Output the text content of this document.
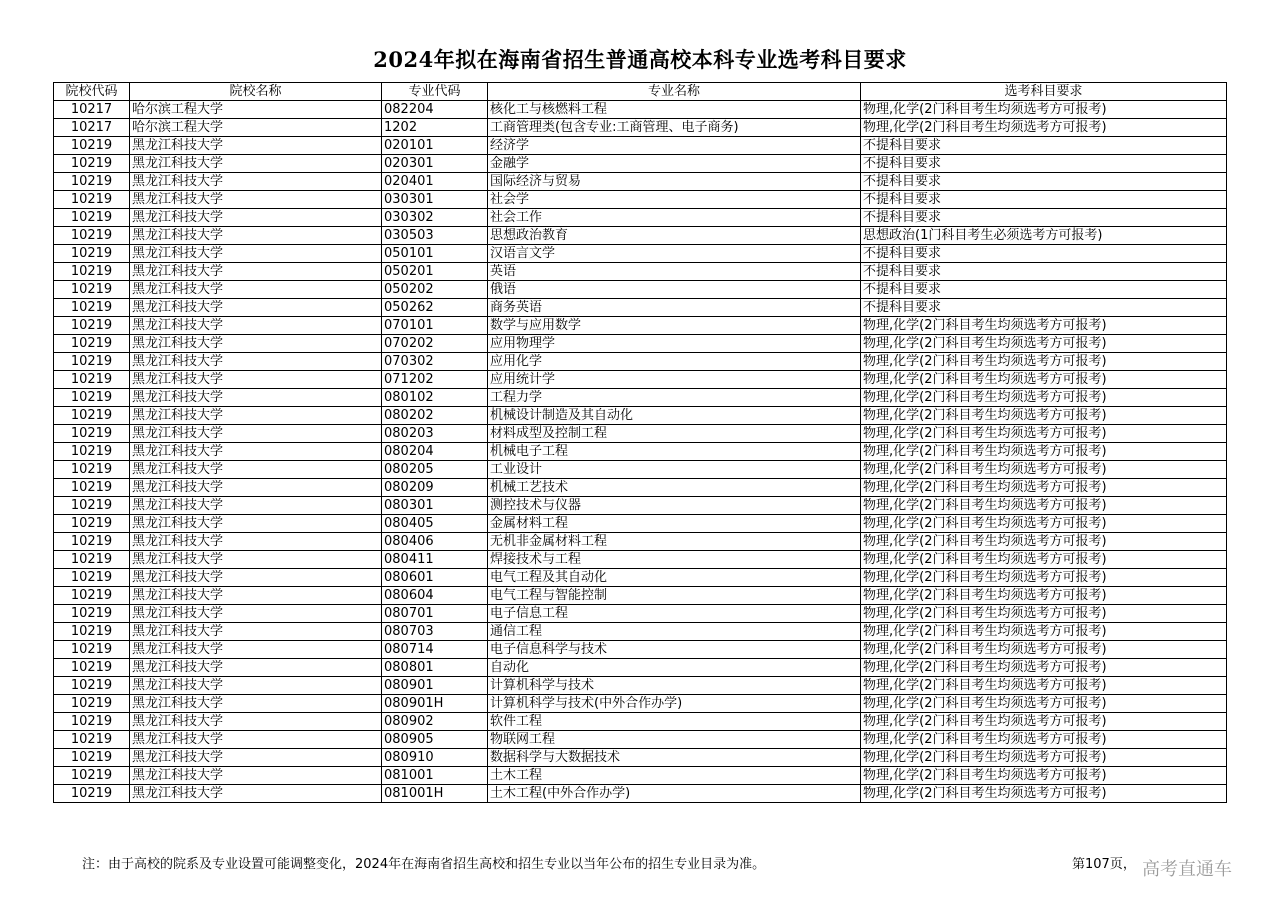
2024年拟在海南省招生普通高校本科专业选考科目要求
院校代码	院校名称	专业代码	专业名称	选考科目要求
10217	哈尔滨工程大学	082204	核化工与核燃料工程	物理,化学(2门科目考生均须选考方可报考)
10217	哈尔滨工程大学	1202	工商管理类(包含专业:工商管理、电子商务)	物理,化学(2门科目考生均须选考方可报考)
10219	黑龙江科技大学	020101	经济学	不提科目要求
10219	黑龙江科技大学	020301	金融学	不提科目要求
10219	黑龙江科技大学	020401	国际经济与贸易	不提科目要求
10219	黑龙江科技大学	030301	社会学	不提科目要求
10219	黑龙江科技大学	030302	社会工作	不提科目要求
10219	黑龙江科技大学	030503	思想政治教育	思想政治(1门科目考生必须选考方可报考)
10219	黑龙江科技大学	050101	汉语言文学	不提科目要求
10219	黑龙江科技大学	050201	英语	不提科目要求
10219	黑龙江科技大学	050202	俄语	不提科目要求
10219	黑龙江科技大学	050262	商务英语	不提科目要求
10219	黑龙江科技大学	070101	数学与应用数学	物理,化学(2门科目考生均须选考方可报考)
10219	黑龙江科技大学	070202	应用物理学	物理,化学(2门科目考生均须选考方可报考)
10219	黑龙江科技大学	070302	应用化学	物理,化学(2门科目考生均须选考方可报考)
10219	黑龙江科技大学	071202	应用统计学	物理,化学(2门科目考生均须选考方可报考)
10219	黑龙江科技大学	080102	工程力学	物理,化学(2门科目考生均须选考方可报考)
10219	黑龙江科技大学	080202	机械设计制造及其自动化	物理,化学(2门科目考生均须选考方可报考)
10219	黑龙江科技大学	080203	材料成型及控制工程	物理,化学(2门科目考生均须选考方可报考)
10219	黑龙江科技大学	080204	机械电子工程	物理,化学(2门科目考生均须选考方可报考)
10219	黑龙江科技大学	080205	工业设计	物理,化学(2门科目考生均须选考方可报考)
10219	黑龙江科技大学	080209	机械工艺技术	物理,化学(2门科目考生均须选考方可报考)
10219	黑龙江科技大学	080301	测控技术与仪器	物理,化学(2门科目考生均须选考方可报考)
10219	黑龙江科技大学	080405	金属材料工程	物理,化学(2门科目考生均须选考方可报考)
10219	黑龙江科技大学	080406	无机非金属材料工程	物理,化学(2门科目考生均须选考方可报考)
10219	黑龙江科技大学	080411	焊接技术与工程	物理,化学(2门科目考生均须选考方可报考)
10219	黑龙江科技大学	080601	电气工程及其自动化	物理,化学(2门科目考生均须选考方可报考)
10219	黑龙江科技大学	080604	电气工程与智能控制	物理,化学(2门科目考生均须选考方可报考)
10219	黑龙江科技大学	080701	电子信息工程	物理,化学(2门科目考生均须选考方可报考)
10219	黑龙江科技大学	080703	通信工程	物理,化学(2门科目考生均须选考方可报考)
10219	黑龙江科技大学	080714	电子信息科学与技术	物理,化学(2门科目考生均须选考方可报考)
10219	黑龙江科技大学	080801	自动化	物理,化学(2门科目考生均须选考方可报考)
10219	黑龙江科技大学	080901	计算机科学与技术	物理,化学(2门科目考生均须选考方可报考)
10219	黑龙江科技大学	080901H	计算机科学与技术(中外合作办学)	物理,化学(2门科目考生均须选考方可报考)
10219	黑龙江科技大学	080902	软件工程	物理,化学(2门科目考生均须选考方可报考)
10219	黑龙江科技大学	080905	物联网工程	物理,化学(2门科目考生均须选考方可报考)
10219	黑龙江科技大学	080910	数据科学与大数据技术	物理,化学(2门科目考生均须选考方可报考)
10219	黑龙江科技大学	081001	土木工程	物理,化学(2门科目考生均须选考方可报考)
10219	黑龙江科技大学	081001H	土木工程(中外合作办学)	物理,化学(2门科目考生均须选考方可报考)
注：由于高校的院系及专业设置可能调整变化，2024年在海南省招生高校和招生专业以当年公布的招生专业目录为准。	第107页， 高考直通车
